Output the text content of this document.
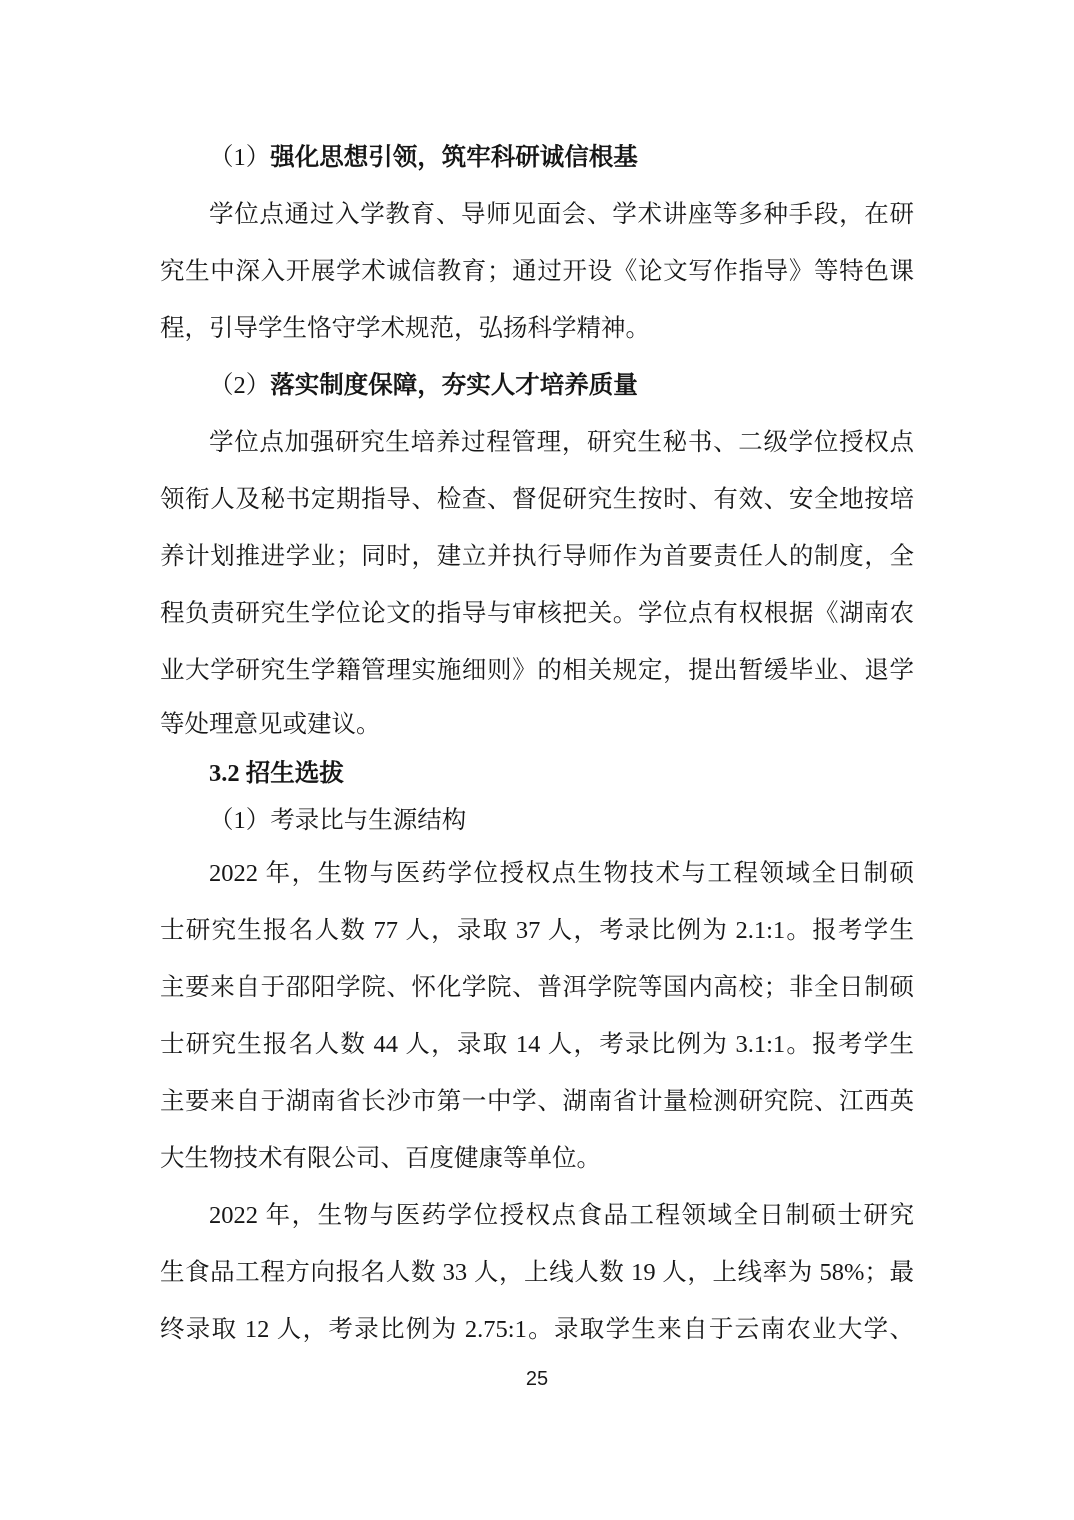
（1）强化思想引领，筑牢科研诚信根基
学位点通过入学教育、导师见面会、学术讲座等多种手段，在研
究生中深入开展学术诚信教育；通过开设《论文写作指导》等特色课
程，引导学生恪守学术规范，弘扬科学精神。
（2）落实制度保障，夯实人才培养质量
学位点加强研究生培养过程管理，研究生秘书、二级学位授权点
领衔人及秘书定期指导、检查、督促研究生按时、有效、安全地按培
养计划推进学业；同时，建立并执行导师作为首要责任人的制度，全
程负责研究生学位论文的指导与审核把关。学位点有权根据《湖南农
业大学研究生学籍管理实施细则》的相关规定，提出暂缓毕业、退学
等处理意见或建议。
3.2 招生选拔
（1）考录比与生源结构
2022 年，生物与医药学位授权点生物技术与工程领域全日制硕
士研究生报名人数 77 人，录取 37 人，考录比例为 2.1:1。报考学生
主要来自于邵阳学院、怀化学院、普洱学院等国内高校；非全日制硕
士研究生报名人数 44 人，录取 14 人，考录比例为 3.1:1。报考学生
主要来自于湖南省长沙市第一中学、湖南省计量检测研究院、江西英
大生物技术有限公司、百度健康等单位。
2022 年，生物与医药学位授权点食品工程领域全日制硕士研究
生食品工程方向报名人数 33 人，上线人数 19 人，上线率为 58%；最
终录取 12 人，考录比例为 2.75:1。录取学生来自于云南农业大学、
25
